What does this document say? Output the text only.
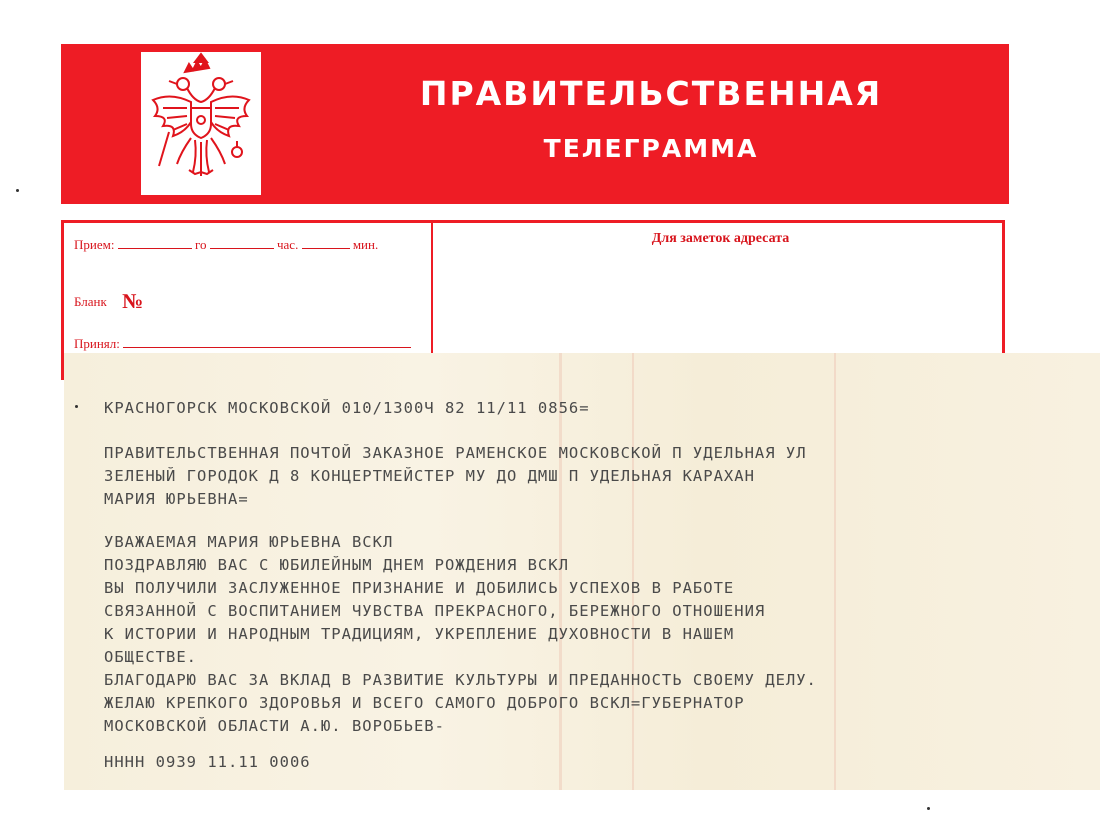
ПРАВИТЕЛЬСТВЕННАЯ
ТЕЛЕГРАММА
Прием:	го	час.	мин.
Бланк №
Принял:
Для заметок адресата
КРАСНОГОРСК МОСКОВСКОЙ 010/1300Ч 82 11/11 0856=
ПРАВИТЕЛЬСТВЕННАЯ ПОЧТОЙ ЗАКАЗНОЕ РАМЕНСКОЕ МОСКОВСКОЙ П УДЕЛЬНАЯ УЛ
ЗЕЛЕНЫЙ ГОРОДОК Д 8 КОНЦЕРТМЕЙСТЕР МУ ДО ДМШ П УДЕЛЬНАЯ КАРАХАН
МАРИЯ ЮРЬЕВНА=
УВАЖАЕМАЯ МАРИЯ ЮРЬЕВНА ВСКЛ
ПОЗДРАВЛЯЮ ВАС С ЮБИЛЕЙНЫМ ДНЕМ РОЖДЕНИЯ ВСКЛ
ВЫ ПОЛУЧИЛИ ЗАСЛУЖЕННОЕ ПРИЗНАНИЕ И ДОБИЛИСЬ УСПЕХОВ В РАБОТЕ
СВЯЗАННОЙ С ВОСПИТАНИЕМ ЧУВСТВА ПРЕКРАСНОГО, БЕРЕЖНОГО ОТНОШЕНИЯ
К ИСТОРИИ И НАРОДНЫМ ТРАДИЦИЯМ, УКРЕПЛЕНИЕ ДУХОВНОСТИ В НАШЕМ
ОБЩЕСТВЕ.
БЛАГОДАРЮ ВАС ЗА ВКЛАД В РАЗВИТИЕ КУЛЬТУРЫ И ПРЕДАННОСТЬ СВОЕМУ ДЕЛУ.
ЖЕЛАЮ КРЕПКОГО ЗДОРОВЬЯ И ВСЕГО САМОГО ДОБРОГО ВСКЛ=ГУБЕРНАТОР
МОСКОВСКОЙ ОБЛАСТИ А.Ю. ВОРОБЬЕВ-
НННН 0939 11.11 0006
